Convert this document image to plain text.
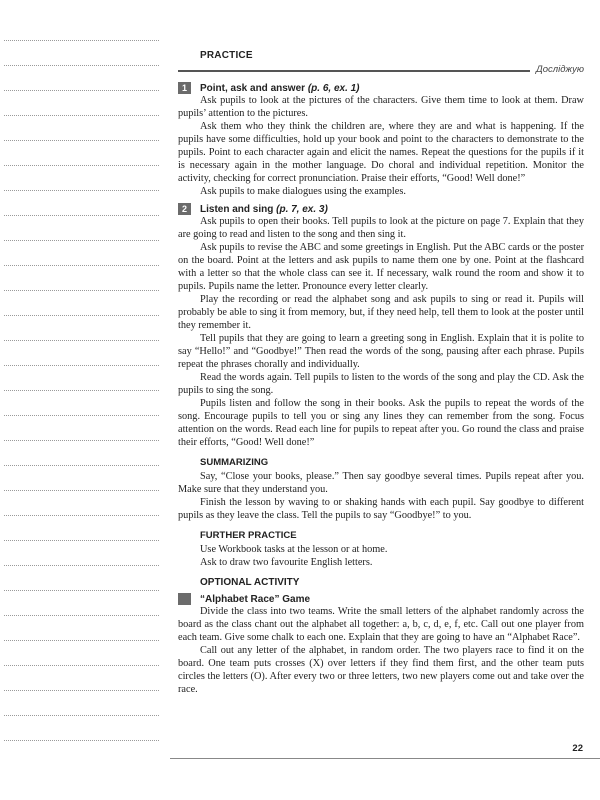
PRACTICE
Досліджую
1	Point, ask and answer (p. 6, ex. 1)

Ask pupils to look at the pictures of the characters. Give them time to look at them. Draw pupils’ attention to the pictures.

Ask them who they think the children are, where they are and what is happening. If the pupils have some difficulties, hold up your book and point to the characters to demonstrate to the pupils. Point to each character again and elicit the names. Repeat the questions for the pupils if it is necessary again in the mother language. Do choral and individual repetition. Monitor the activity, checking for correct pronunciation. Praise their efforts, “Good! Well done!”

Ask pupils to make dialogues using the examples.

2	Listen and sing (p. 7, ex. 3)

Ask pupils to open their books. Tell pupils to look at the picture on page 7. Explain that they are going to read and listen to the song and then sing it.

Ask pupils to revise the ABC and some greetings in English. Put the ABC cards or the poster on the board. Point at the letters and ask pupils to name them one by one. Point at the flashcard with a letter so that the whole class can see it. If necessary, walk round the room and show it to pupils. Pupils name the letter. Pronounce every letter clearly.

Play the recording or read the alphabet song and ask pupils to sing or read it. Pupils will probably be able to sing it from memory, but, if they need help, tell them to look at the poster until they remember it.

Tell pupils that they are going to learn a greeting song in English. Explain that it is polite to say “Hello!” and “Goodbye!” Then read the words of the song, pausing after each phrase. Pupils repeat the phrases chorally and individually.

Read the words again. Tell pupils to listen to the words of the song and play the CD. Ask the pupils to sing the song.

Pupils listen and follow the song in their books. Ask the pupils to repeat the words of the song. Encourage pupils to tell you or sing any lines they can remember from the song. Focus attention on the words. Read each line for pupils to repeat after you. Go round the class and praise their efforts, “Good! Well done!”

SUMMARIZING

Say, “Close your books, please.” Then say goodbye several times. Pupils repeat after you. Make sure that they understand you.

Finish the lesson by waving to or shaking hands with each pupil. Say goodbye to different pupils as they leave the class. Tell the pupils to say “Goodbye!” to you.

FURTHER PRACTICE

Use Workbook tasks at the lesson or at home.

Ask to draw two favourite English letters.

OPTIONAL ACTIVITY
“Alphabet Race” Game

Divide the class into two teams. Write the small letters of the alphabet randomly across the board as the class chant out the alphabet all together: a, b, c, d, e, f, etc. Call out one player from each team. Give some chalk to each one. Explain that they are going to have an “Alphabet Race”.

Call out any letter of the alphabet, in random order. The two players race to find it on the board. One team puts crosses (X) over letters if they find them first, and the other team puts circles the letters (O). After every two or three letters, two new players come out and take over the race.

22
